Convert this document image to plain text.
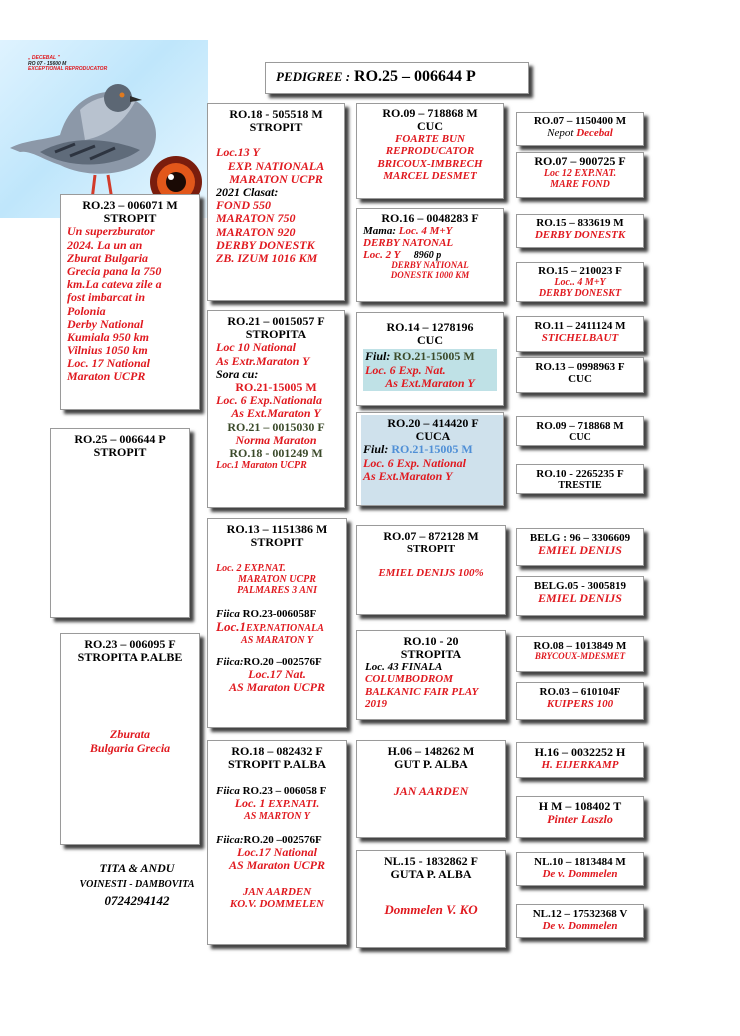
„ DECEBAL "
RO 07 - 15600 M
EXCEPTIONAL REPRODUCATOR	PEDIGREE : RO.25 – 006644 P
RO.25 – 006644 P
STROPIT
RO.23 – 006071 M
STROPIT
Un superzburator
2024. La un an
Zburat Bulgaria
Grecia pana la 750
km.La cateva zile a
fost imbarcat in
Polonia
Derby National
Kumiala 950 km
Vilnius 1050 km
Loc. 17 National
Maraton UCPR
RO.23 – 006095 F
STROPITA P.ALBE
Zburata
Bulgaria Grecia
RO.18 - 505518 M
STROPIT
Loc.13 Y
EXP. NATIONALA
MARATON UCPR
2021 Clasat:
FOND 550
MARATON 750
MARATON 920
DERBY DONESTK
ZB. IZUM 1016 KM
RO.21 – 0015057 F
STROPITA
Loc 10 National
As Extr.Maraton Y
Sora cu:
RO.21-15005 M
Loc. 6 Exp.Nationala
As Ext.Maraton Y
RO.21 – 0015030 F
Norma Maraton
RO.18 - 001249 M
Loc.1 Maraton UCPR
RO.13 – 1151386 M
STROPIT
Loc. 2 EXP.NAT.
MARATON UCPR
PALMARES 3 ANI
Fiica RO.23-006058F
Loc.1EXP.NATIONALA
AS MARATON Y
Fiica:RO.20 –002576F
Loc.17 Nat.
AS Maraton UCPR
RO.18 – 082432 F
STROPIT P.ALBA
Fiica RO.23 – 006058 F
Loc. 1 EXP.NATI.
AS MARTON Y
Fiica:RO.20 –002576F
Loc.17 National
AS Maraton UCPR
JAN AARDEN
KO.V. DOMMELEN
RO.09 – 718868 M
CUC
FOARTE BUN
REPRODUCATOR
BRICOUX-IMBRECH
MARCEL DESMET
RO.16 – 0048283 F
Mama: Loc. 4 M+Y
DERBY NATONAL
Loc. 2 Y 8960 p
DERBY NATIONAL
DONESTK 1000 KM
RO.14 – 1278196
CUC
Fiul: RO.21-15005 M
Loc. 6 Exp. Nat.
As Ext.Maraton Y
RO.20 – 414420 F
CUCA
Fiul: RO.21-15005 M
Loc. 6 Exp. National
As Ext.Maraton Y
RO.07 – 872128 M
STROPIT
EMIEL DENIJS 100%
RO.10 - 20
STROPITA
Loc. 43 FINALA
COLUMBODROM
BALKANIC FAIR PLAY
2019
H.06 – 148262 M
GUT P. ALBA
JAN AARDEN
NL.15 - 1832862 F
GUTA P. ALBA
Dommelen V. KO
RO.07 – 1150400 M
Nepot Decebal
RO.07 – 900725 F
Loc 12 EXP.NAT.
MARE FOND
RO.15 – 833619 M
DERBY DONESTK
RO.15 – 210023 F
Loc.. 4 M+Y
DERBY DONESKT
RO.11 – 2411124 M
STICHELBAUT
RO.13 – 0998963 F
CUC
RO.09 – 718868 M
CUC
RO.10 - 2265235 F
TRESTIE
BELG : 96 – 3306609
EMIEL DENIJS
BELG.05 - 3005819
EMIEL DENIJS
RO.08 – 1013849 M
BRYCOUX-MDESMET
RO.03 – 610104F
KUIPERS 100
H.16 – 0032252 H
H. EIJERKAMP
H M – 108402 T
Pinter Laszlo
NL.10 – 1813484 M
De v. Dommelen
NL.12 – 17532368 V
De v. Dommelen
TITA & ANDU
VOINESTI - DAMBOVITA
0724294142
